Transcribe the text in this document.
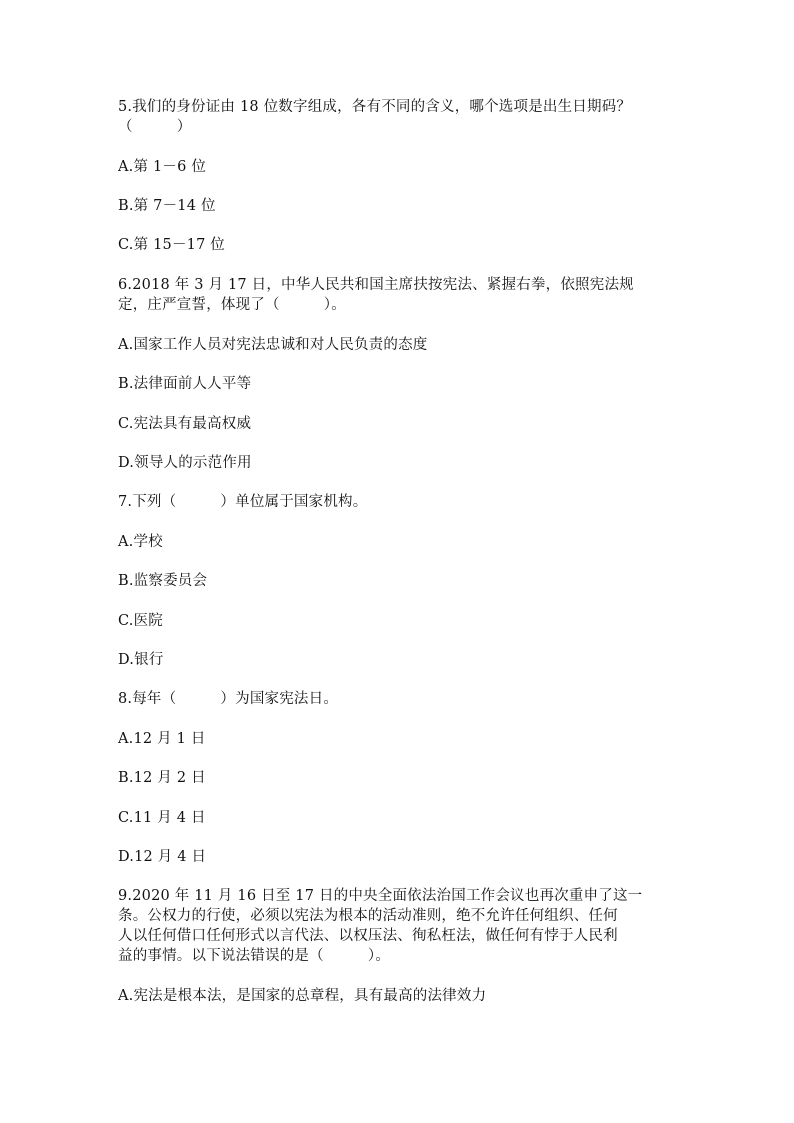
5.我们的身份证由 18 位数字组成，各有不同的含义，哪个选项是出生日期码？
（　　　）
A.第 1－6 位
B.第 7－14 位
C.第 15－17 位
6.2018 年 3 月 17 日，中华人民共和国主席扶按宪法、紧握右拳，依照宪法规
定，庄严宣誓，体现了（　　　）。
A.国家工作人员对宪法忠诚和对人民负责的态度
B.法律面前人人平等
C.宪法具有最高权威
D.领导人的示范作用
7.下列（　　　）单位属于国家机构。
A.学校
B.监察委员会
C.医院
D.银行
8.每年（　　　）为国家宪法日。
A.12 月 1 日
B.12 月 2 日
C.11 月 4 日
D.12 月 4 日
9.2020 年 11 月 16 日至 17 日的中央全面依法治国工作会议也再次重申了这一
条。公权力的行使，必须以宪法为根本的活动准则，绝不允许任何组织、任何
人以任何借口任何形式以言代法、以权压法、徇私枉法，做任何有悖于人民利
益的事情。以下说法错误的是（　　　）。
A.宪法是根本法，是国家的总章程，具有最高的法律效力
